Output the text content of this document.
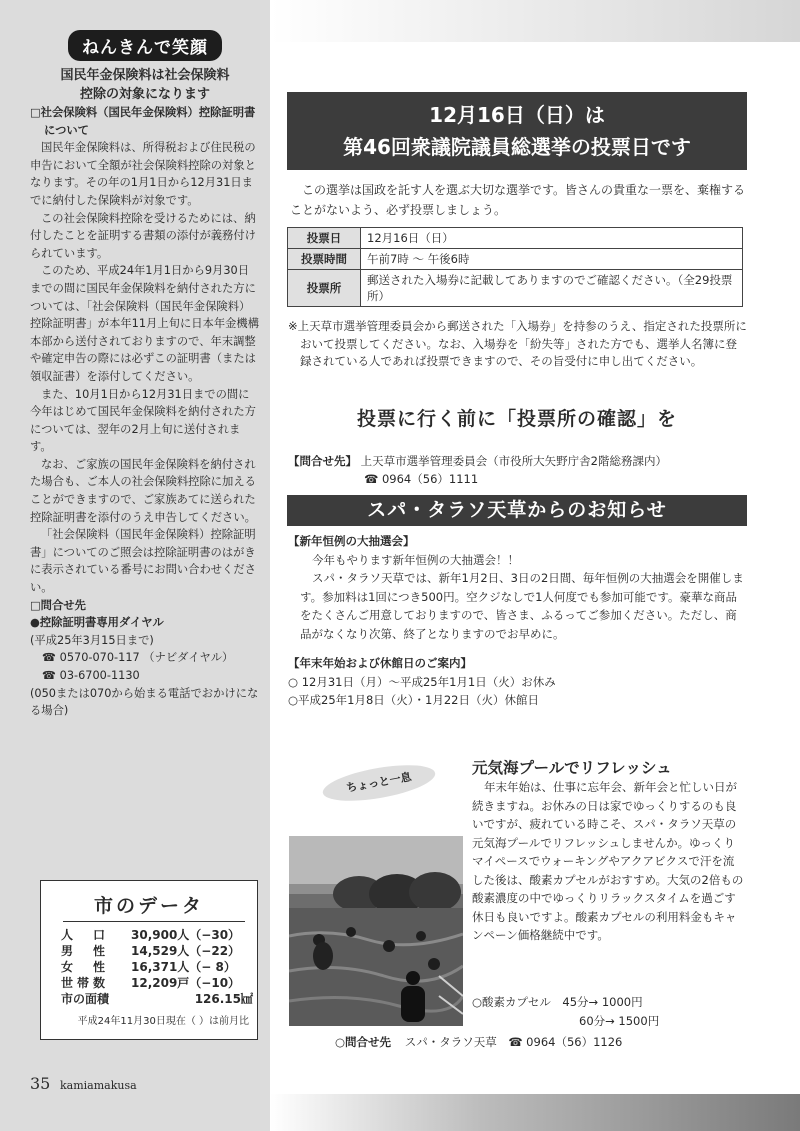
ねんきんで笑顔
国民年金保険料は社会保険料
控除の対象になります
□社会保険料（国民年金保険料）控除証明書について
国民年金保険料は、所得税および住民税の申告において全額が社会保険料控除の対象となります。その年の1月1日から12月31日までに納付した保険料が対象です。
この社会保険料控除を受けるためには、納付したことを証明する書類の添付が義務付けられています。
このため、平成24年1月1日から9月30日までの間に国民年金保険料を納付された方については、「社会保険料（国民年金保険料）控除証明書」が本年11月上旬に日本年金機構本部から送付されておりますので、年末調整や確定申告の際には必ずこの証明書（または領収証書）を添付してください。
また、10月1日から12月31日までの間に今年はじめて国民年金保険料を納付された方については、翌年の2月上旬に送付されます。
なお、ご家族の国民年金保険料を納付された場合も、ご本人の社会保険料控除に加えることができますので、ご家族あてに送られた控除証明書を添付のうえ申告してください。
「社会保険料（国民年金保険料）控除証明書」についてのご照会は控除証明書のはがきに表示されている番号にお問い合わせください。
□問合せ先
●控除証明書専用ダイヤル
(平成25年3月15日まで)
☎ 0570-070-117 （ナビダイヤル）
☎ 03-6700-1130
(050または070から始まる電話でおかけになる場合)
市のデータ
人　口	30,900人（−30）
男　性	14,529人（−22）
女　性	16,371人（− 8）
世帯数	12,209戸（−10）
市の面積	126.15㎢
平成24年11月30日現在（ ）は前月比
35 kamiamakusa
12月16日（日）は
第46回衆議院議員総選挙の投票日です
この選挙は国政を託す人を選ぶ大切な選挙です。皆さんの貴重な一票を、棄権することがないよう、必ず投票しましょう。
投票日	12月16日（日）
投票時間	午前7時 〜 午後6時
投票所	郵送された入場券に記載してありますのでご確認ください。（全29投票所）
※上天草市選挙管理委員会から郵送された「入場券」を持参のうえ、指定された投票所において投票してください。なお、入場券を「紛失等」された方でも、選挙人名簿に登録されている人であれば投票できますので、その旨受付に申し出てください。
投票に行く前に「投票所の確認」を
【問合せ先】 上天草市選挙管理委員会（市役所大矢野庁舎2階総務課内）
☎ 0964（56）1111
スパ・タラソ天草からのお知らせ
【新年恒例の大抽選会】
今年もやります新年恒例の大抽選会！！
スパ・タラソ天草では、新年1月2日、3日の2日間、毎年恒例の大抽選会を開催します。参加料は1回につき500円。空クジなしで1人何度でも参加可能です。豪華な商品をたくさんご用意しておりますので、皆さま、ふるってご参加ください。ただし、商品がなくなり次第、終了となりますのでお早めに。
【年末年始および休館日のご案内】
○ 12月31日（月）〜平成25年1月1日（火）お休み
○平成25年1月8日（火）・1月22日（火）休館日
ちょっと一息
元気海プールでリフレッシュ
年末年始は、仕事に忘年会、新年会と忙しい日が続きますね。お休みの日は家でゆっくりするのも良いですが、疲れている時こそ、スパ・タラソ天草の元気海プールでリフレッシュしませんか。ゆっくりマイペースでウォーキングやアクアビクスで汗を流した後は、酸素カプセルがおすすめ。大気の2倍もの酸素濃度の中でゆっくりリラックスタイムを過ごす休日も良いですよ。酸素カプセルの利用料金もキャンペーン価格継続中です。
○酸素カプセル　45分→ 1000円
60分→ 1500円
○問合せ先 スパ・タラソ天草　☎ 0964（56）1126
